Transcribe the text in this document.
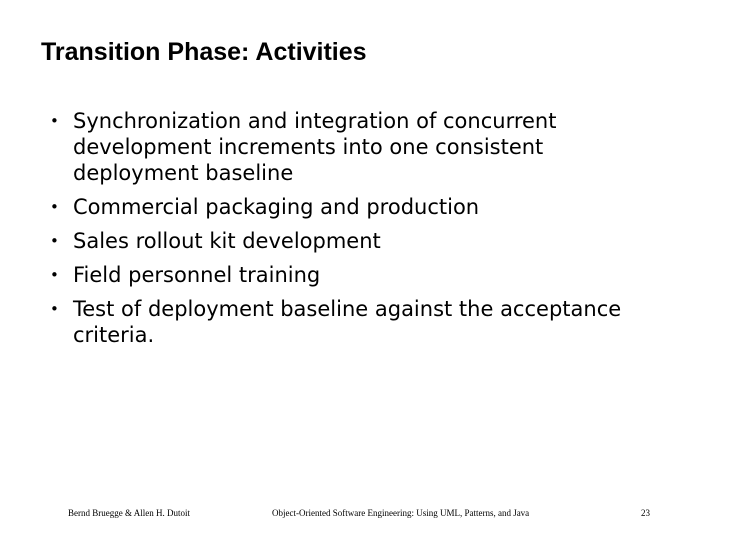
Transition Phase: Activities
• Synchronization and integration of concurrent development increments into one consistent deployment baseline
• Commercial packaging and production
• Sales rollout kit development
• Field personnel training
• Test of deployment baseline against the acceptance criteria.
Bernd Bruegge & Allen H. Dutoit	Object-Oriented Software Engineering: Using UML, Patterns, and Java	23
